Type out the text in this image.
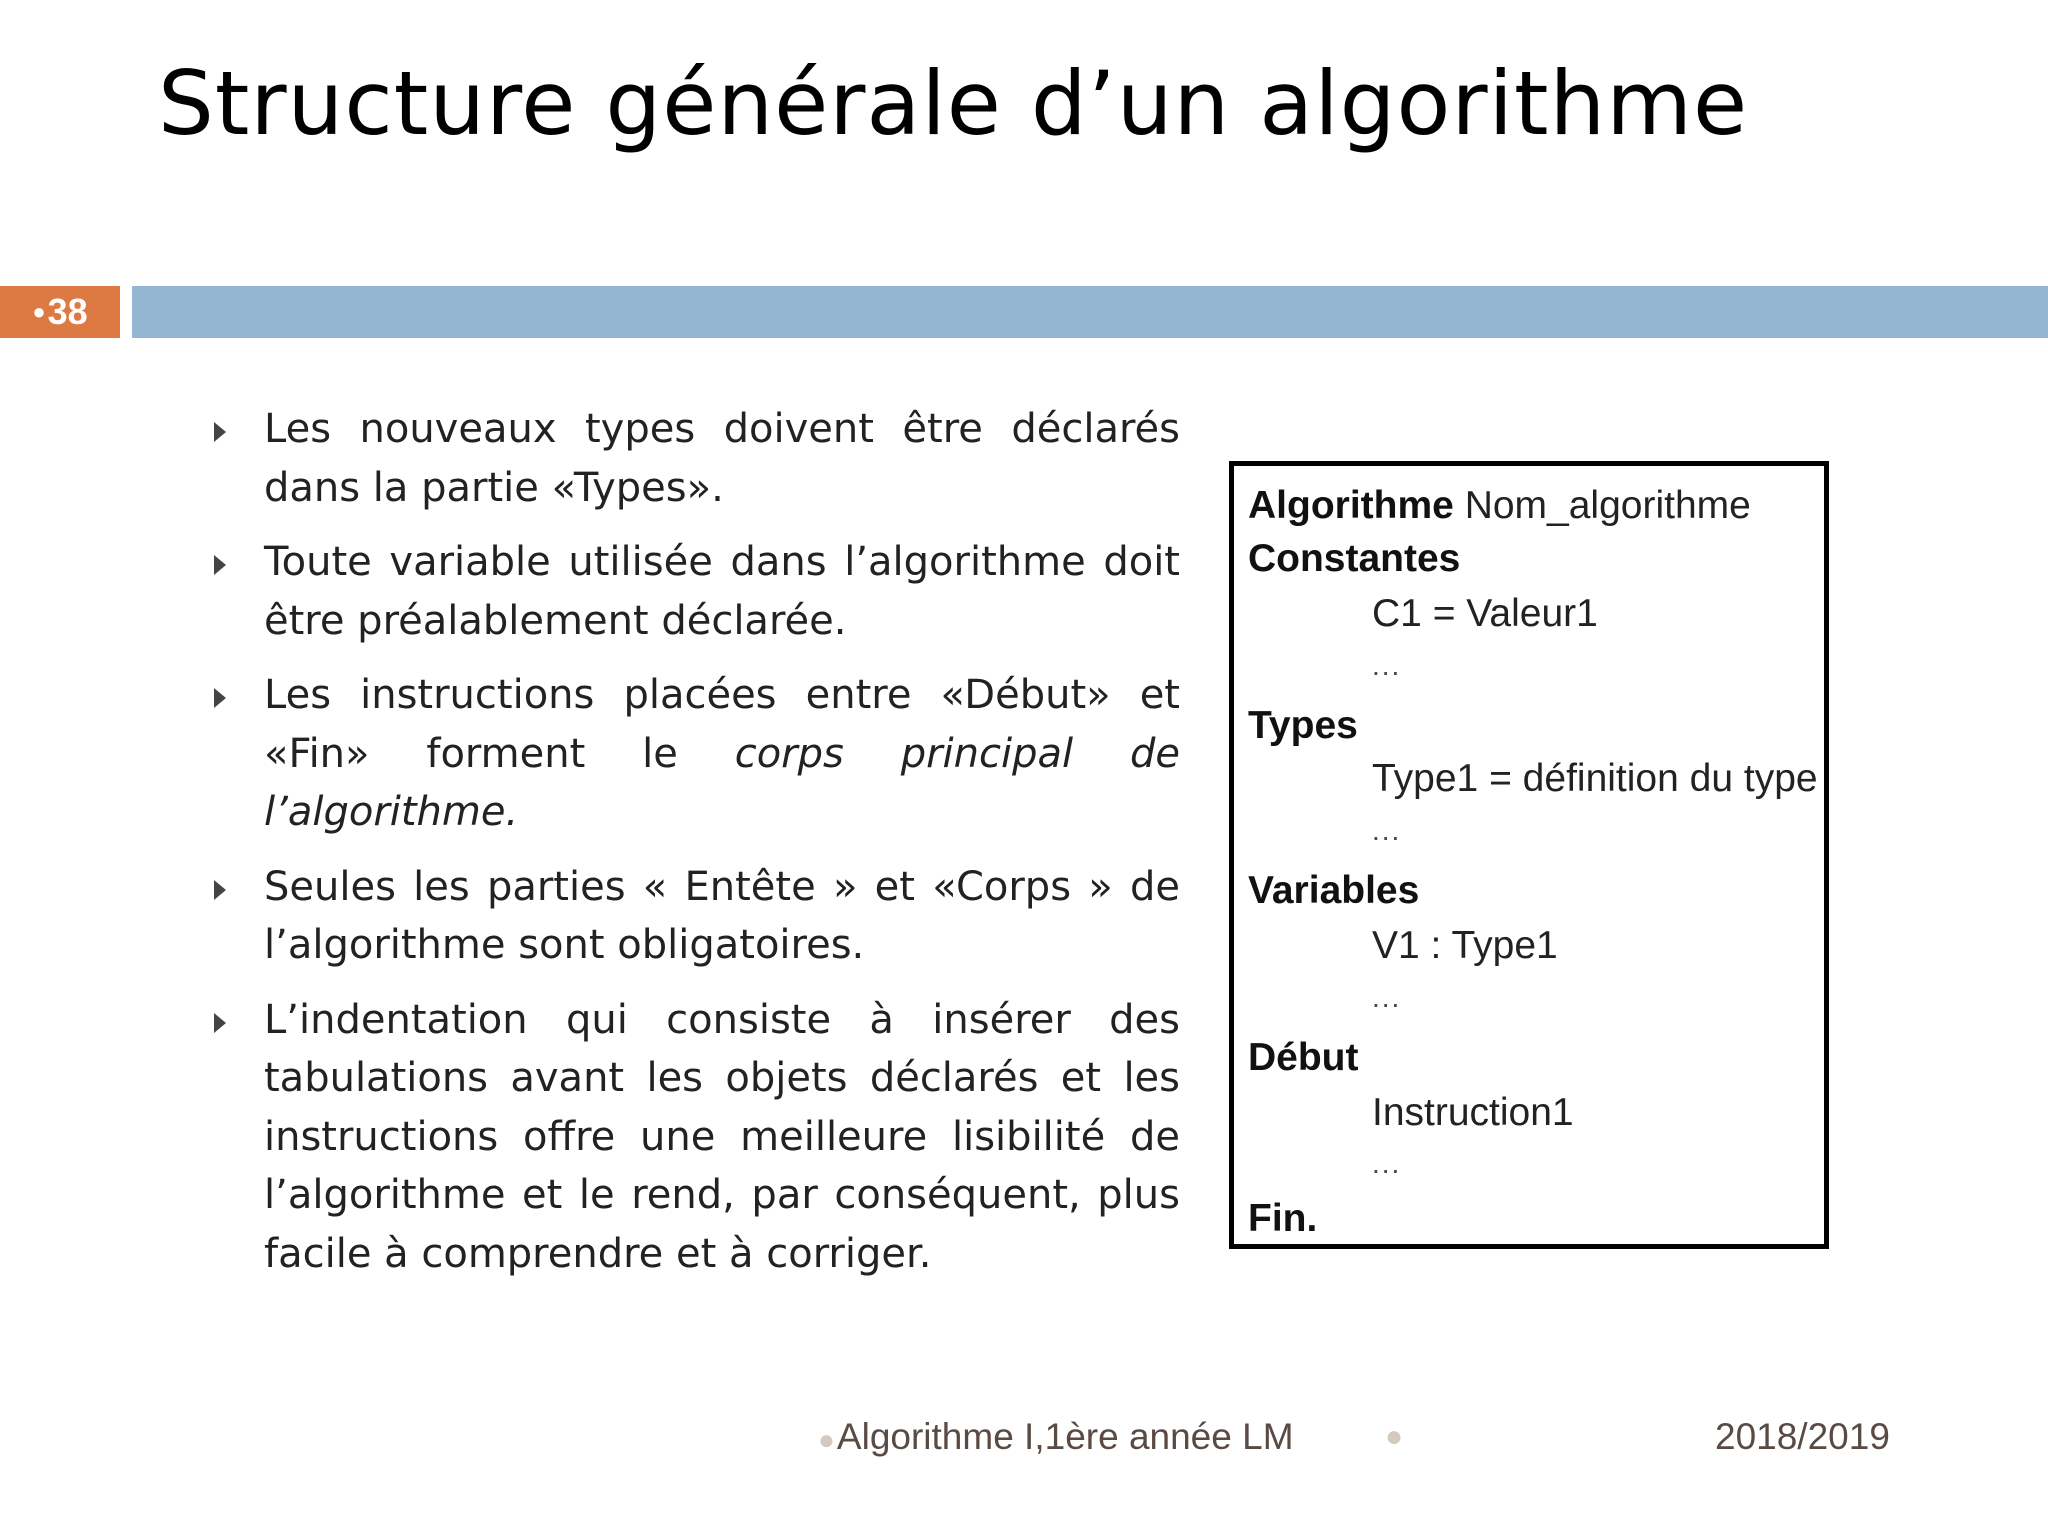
Structure générale d’un algorithme
● 38
Les nouveaux types doivent être déclarés dans la partie «Types».
Toute variable utilisée dans l’algorithme doit être préalablement déclarée.
Les instructions placées entre «Début» et «Fin» forment le corps principal de l’algorithme.
Seules les parties « Entête » et «Corps » de l’algorithme sont obligatoires.
L’indentation qui consiste à insérer des tabulations avant les objets déclarés et les instructions offre une meilleure lisibilité de l’algorithme et le rend, par conséquent, plus facile à comprendre et à corriger.
Algorithme Nom_algorithme
Constantes
C1 = Valeur1
...
Types
Type1 = définition du type
...
Variables
V1 : Type1
...
Début
Instruction1
...
Fin.
●Algorithme I,1ère année LM	●	2018/2019
